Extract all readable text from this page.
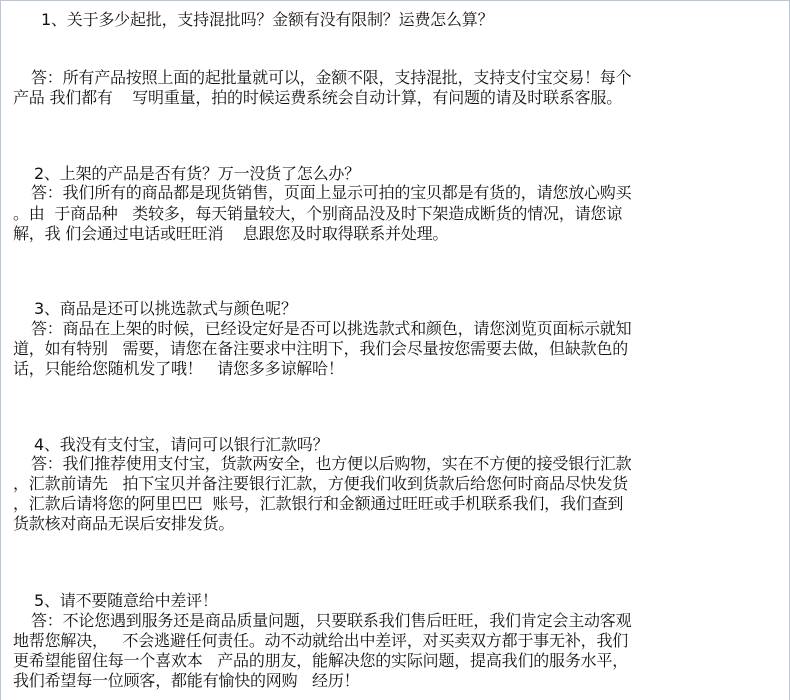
1、关于多少起批，支持混批吗？金额有没有限制？运费怎么算？
答：所有产品按照上面的起批量就可以，金额不限，支持混批，支持支付宝交易！每个
产品 我们都有    写明重量，拍的时候运费系统会自动计算，有问题的请及时联系客服。
2、上架的产品是否有货？万一没货了怎么办？
答：我们所有的商品都是现货销售，页面上显示可拍的宝贝都是有货的，请您放心购买
。由  于商品种   类较多，每天销量较大，个别商品没及时下架造成断货的情况，请您谅
解，我 们会通过电话或旺旺消    息跟您及时取得联系并处理。
3、商品是还可以挑选款式与颜色呢？
答：商品在上架的时候，已经设定好是否可以挑选款式和颜色，请您浏览页面标示就知
道，如有特别   需要，请您在备注要求中注明下，我们会尽量按您需要去做，但缺款色的
话，只能给您随机发了哦！   请您多多谅解哈！
4、我没有支付宝，请问可以银行汇款吗？
答：我们推荐使用支付宝，货款两安全，也方便以后购物，实在不方便的接受银行汇款
，汇款前请先   拍下宝贝并备注要银行汇款，方便我们收到货款后给您何时商品尽快发货
，汇款后请将您的阿里巴巴  账号，汇款银行和金额通过旺旺或手机联系我们，我们查到
货款核对商品无误后安排发货。
5、请不要随意给中差评！
答：不论您遇到服务还是商品质量问题，只要联系我们售后旺旺，我们肯定会主动客观
地帮您解决，   不会逃避任何责任。动不动就给出中差评，对买卖双方都于事无补，我们
更希望能留住每一个喜欢本   产品的朋友，能解决您的实际问题，提高我们的服务水平，
我们希望每一位顾客，都能有愉快的网购   经历！
